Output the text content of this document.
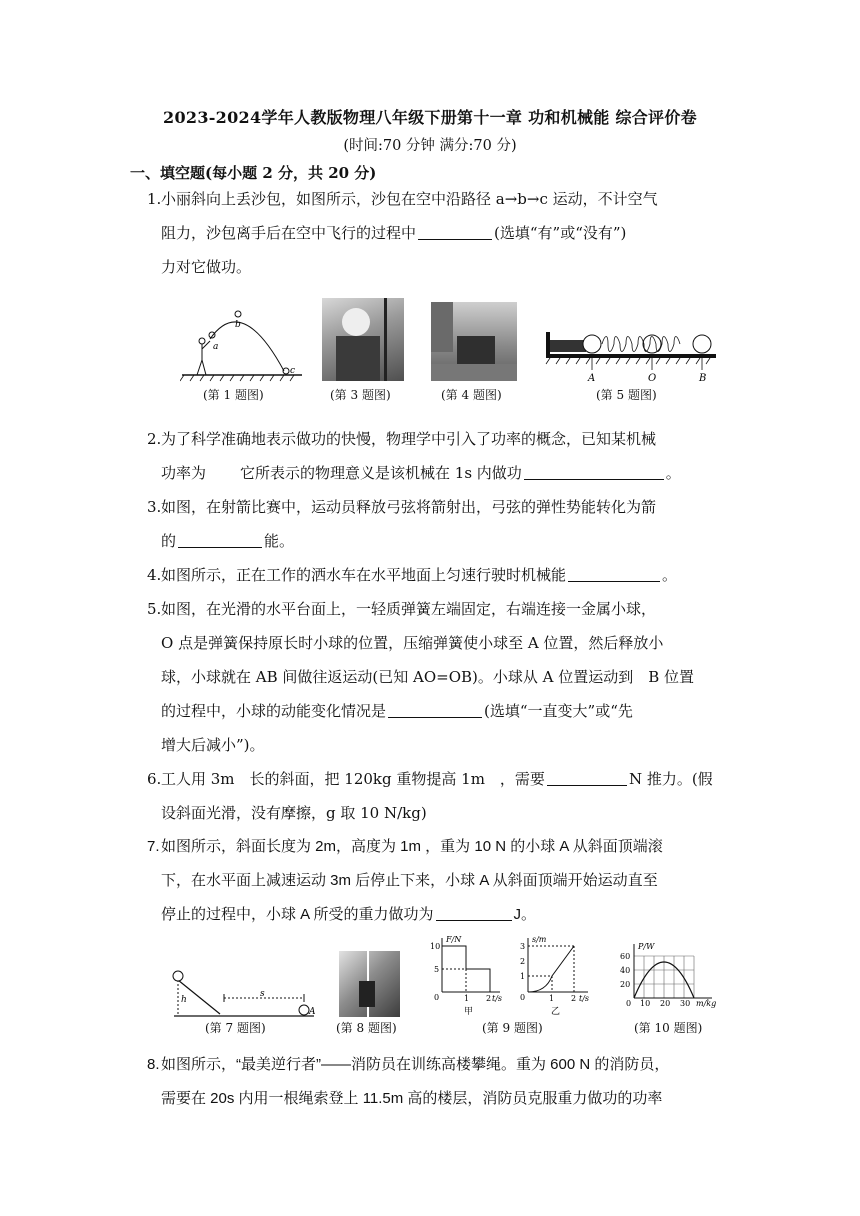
2023-2024学年人教版物理八年级下册第十一章 功和机械能 综合评价卷
(时间:70 分钟 满分:70 分)
一、填空题(每小题 2 分，共 20 分)
1.小丽斜向上丢沙包，如图所示，沙包在空中沿路径 a→b→c 运动，不计空气
阻力，沙包离手后在空中飞行的过程中	(选填“有”或“没有”)
力对它做功。
a
b
c
(第 1 题图)	(第 3 题图)	(第 4 题图)
A	O	B
(第 5 题图)
2.为了科学准确地表示做功的快慢，物理学中引入了功率的概念，已知某机械
功率为 它所表示的物理意义是该机械在 1s 内做功	。
3.如图，在射箭比赛中，运动员释放弓弦将箭射出，弓弦的弹性势能转化为箭
的	能。
4.如图所示，正在工作的洒水车在水平地面上匀速行驶时机械能	。
5.如图，在光滑的水平台面上，一轻质弹簧左端固定，右端连接一金属小球，
O 点是弹簧保持原长时小球的位置，压缩弹簧使小球至 A 位置，然后释放小
球，小球就在 AB 间做往返运动(已知 AO=OB)。小球从 A 位置运动到　B 位置
的过程中，小球的动能变化情况是	(选填“一直变大”或“先
增大后减小”)。
6.工人用 3m　长的斜面，把 120kg 重物提高 1m　，需要	N 推力。(假
设斜面光滑，没有摩擦，g 取 10 N/kg)
7.如图所示，斜面长度为 2m，高度为 1m ，重为 10 N 的小球 A 从斜面顶端滚
下，在水平面上减速运动 3m 后停止下来，小球 A 从斜面顶端开始运动直至
停止的过程中，小球 A 所受的重力做功为	J。
h
s
A
(第 7 题图)	(第 8 题图)
F/N
10
5
0	1 2 t/s
甲
s/m
3
2
1
0	1 2 t/s
乙
(第 9 题图)
P/W
60
40
20
0 10 20 30 m/kg
(第 10 题图)
8.如图所示，“最美逆行者”——消防员在训练高楼攀绳。重为 600 N 的消防员，
需要在 20s 内用一根绳索登上 11.5m 高的楼层，消防员克服重力做功的功率
